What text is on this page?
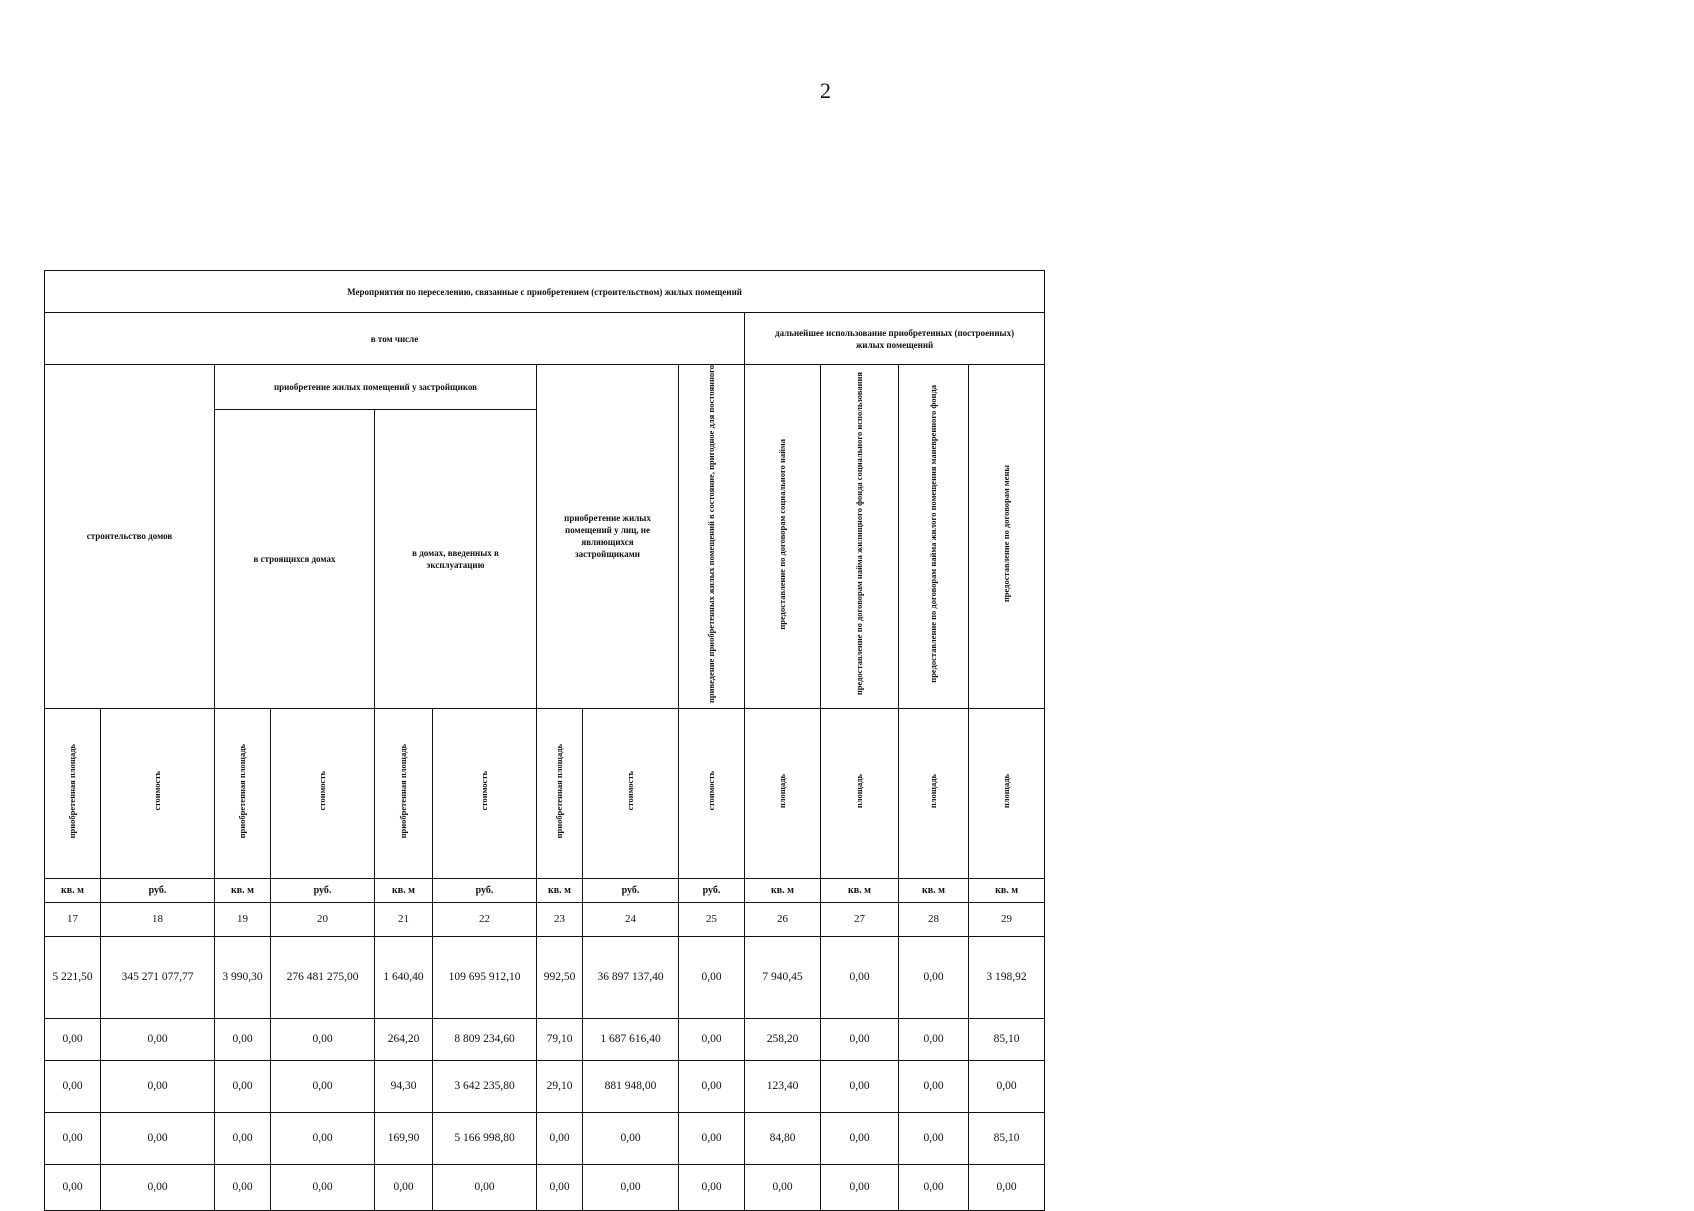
2
Мероприятия по переселению, связанные с приобретением (строительством) жилых помещений												
в том числе									дальнейшее использование приобретенных (построенных) жилых помещений			
строительство домов		приобретение жилых помещений у застройщиков				приобретение жилых помещений у лиц, не являющихся застройщиками		приведение приобретенных жилых помещений в состояние, пригодное для постоянного	предоставление по договорам социального найма	предоставление по договорам найма жилищного фонда социального использования	предоставление по договорам найма жилого помещения маневренного фонда	предоставление по договорам мены
		в строящихся домах		в домах, введенных в эксплуатацию								
приобретенная площадь	стоимость	приобретенная площадь	стоимость	приобретенная площадь	стоимость	приобретенная площадь	стоимость	стоимость	площадь	площадь	площадь	площадь
кв. м	руб.	кв. м	руб.	кв. м	руб.	кв. м	руб.	руб.	кв. м	кв. м	кв. м	кв. м
17	18	19	20	21	22	23	24	25	26	27	28	29
5 221,50	345 271 077,77	3 990,30	276 481 275,00	1 640,40	109 695 912,10	992,50	36 897 137,40	0,00	7 940,45	0,00	0,00	3 198,92
0,00	0,00	0,00	0,00	264,20	8 809 234,60	79,10	1 687 616,40	0,00	258,20	0,00	0,00	85,10
0,00	0,00	0,00	0,00	94,30	3 642 235,80	29,10	881 948,00	0,00	123,40	0,00	0,00	0,00
0,00	0,00	0,00	0,00	169,90	5 166 998,80	0,00	0,00	0,00	84,80	0,00	0,00	85,10
0,00	0,00	0,00	0,00	0,00	0,00	0,00	0,00	0,00	0,00	0,00	0,00	0,00
